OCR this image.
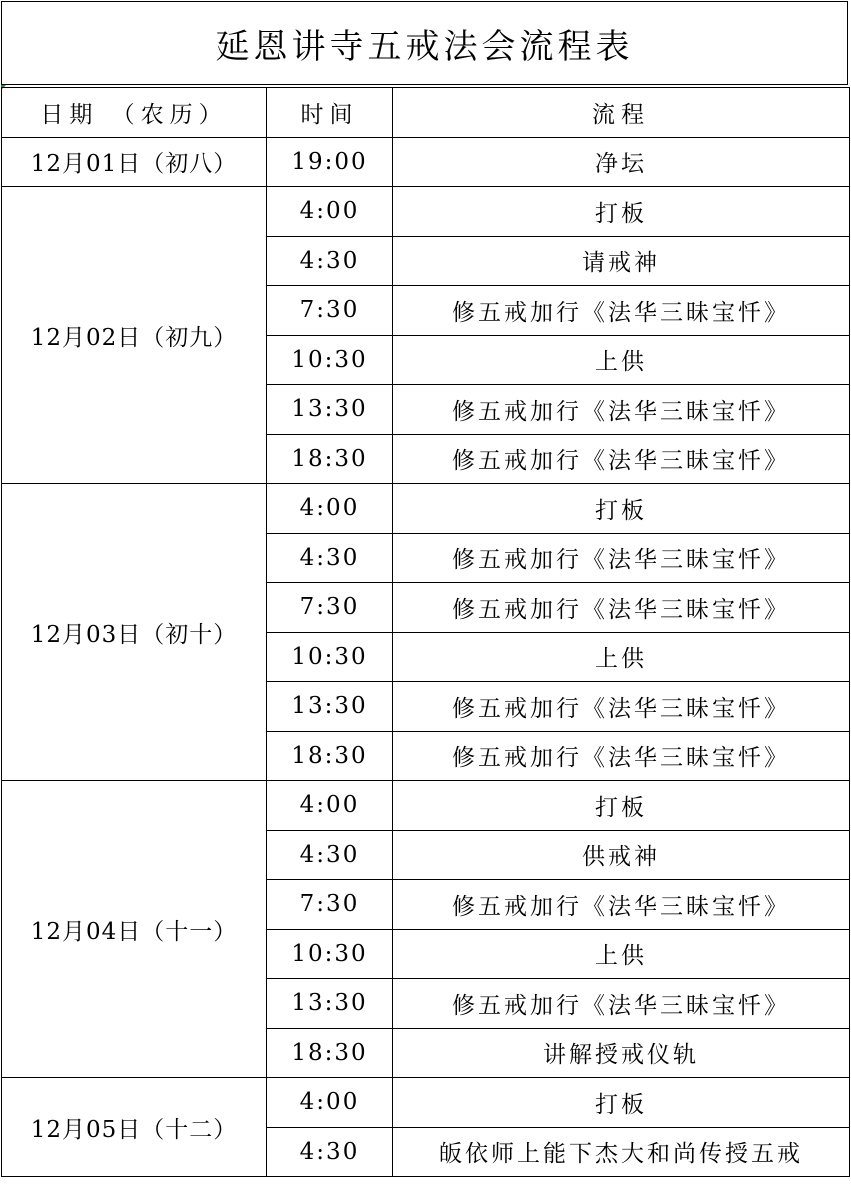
延恩讲寺五戒法会流程表
日期 （农历）	时间	流程
12月01日（初八）	19:00	净坛
12月02日（初九）	4:00	打板
	4:30	请戒神
	7:30	修五戒加行《法华三昧宝忏》
	10:30	上供
	13:30	修五戒加行《法华三昧宝忏》
	18:30	修五戒加行《法华三昧宝忏》
12月03日（初十）	4:00	打板
	4:30	修五戒加行《法华三昧宝忏》
	7:30	修五戒加行《法华三昧宝忏》
	10:30	上供
	13:30	修五戒加行《法华三昧宝忏》
	18:30	修五戒加行《法华三昧宝忏》
12月04日（十一）	4:00	打板
	4:30	供戒神
	7:30	修五戒加行《法华三昧宝忏》
	10:30	上供
	13:30	修五戒加行《法华三昧宝忏》
	18:30	讲解授戒仪轨
12月05日（十二）	4:00	打板
	4:30	皈依师上能下杰大和尚传授五戒
